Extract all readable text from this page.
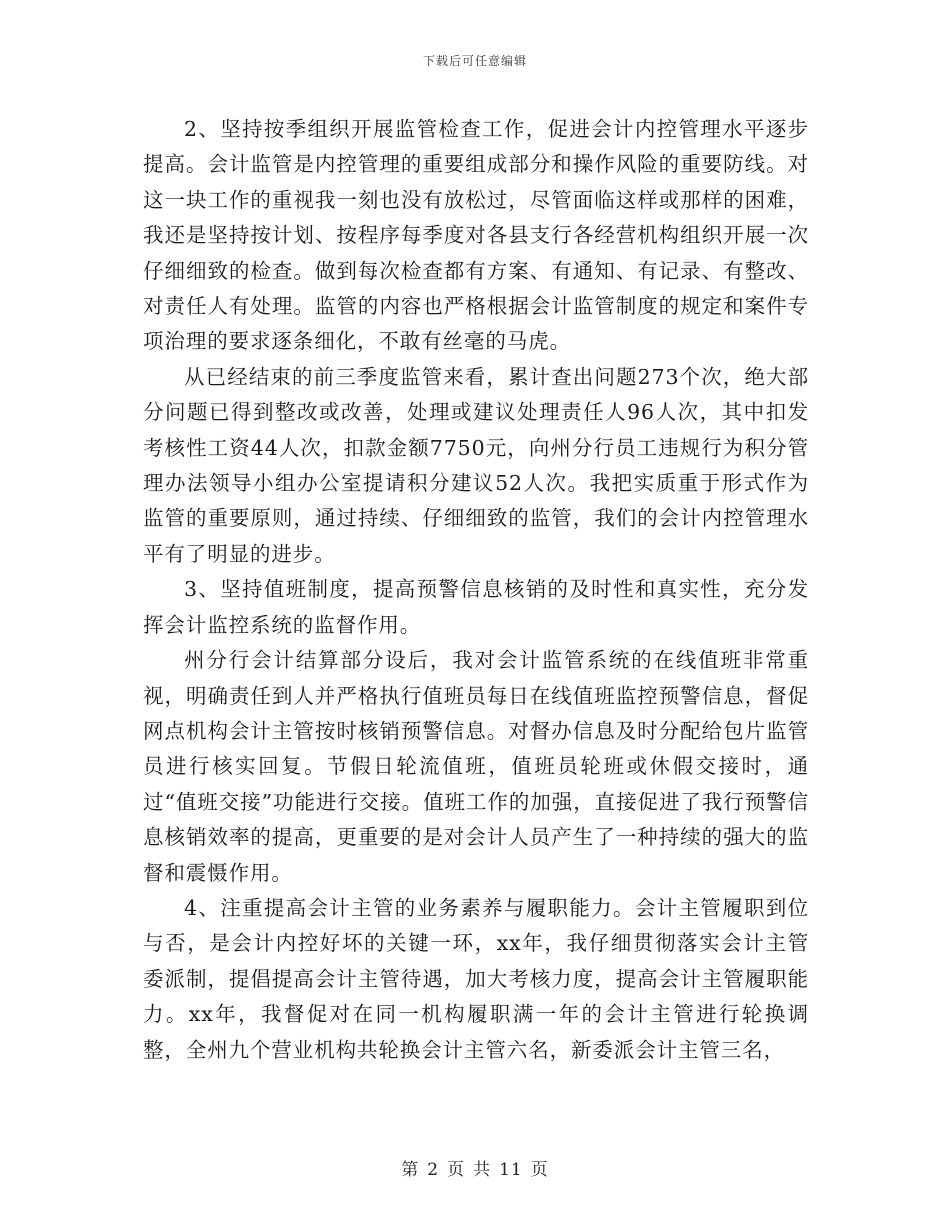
下载后可任意编辑

2、坚持按季组织开展监管检查工作，促进会计内控管理水平逐步提高。会计监管是内控管理的重要组成部分和操作风险的重要防线。对这一块工作的重视我一刻也没有放松过，尽管面临这样或那样的困难，我还是坚持按计划、按程序每季度对各县支行各经营机构组织开展一次仔细细致的检查。做到每次检查都有方案、有通知、有记录、有整改、对责任人有处理。监管的内容也严格根据会计监管制度的规定和案件专项治理的要求逐条细化，不敢有丝毫的马虎。

从已经结束的前三季度监管来看，累计查出问题273个次，绝大部分问题已得到整改或改善，处理或建议处理责任人96人次，其中扣发考核性工资44人次，扣款金额7750元，向州分行员工违规行为积分管理办法领导小组办公室提请积分建议52人次。我把实质重于形式作为监管的重要原则，通过持续、仔细细致的监管，我们的会计内控管理水平有了明显的进步。

3、坚持值班制度，提高预警信息核销的及时性和真实性，充分发挥会计监控系统的监督作用。

州分行会计结算部分设后，我对会计监管系统的在线值班非常重视，明确责任到人并严格执行值班员每日在线值班监控预警信息，督促网点机构会计主管按时核销预警信息。对督办信息及时分配给包片监管员进行核实回复。节假日轮流值班，值班员轮班或休假交接时，通过“值班交接”功能进行交接。值班工作的加强，直接促进了我行预警信息核销效率的提高，更重要的是对会计人员产生了一种持续的强大的监督和震慑作用。

4、注重提高会计主管的业务素养与履职能力。会计主管履职到位与否，是会计内控好坏的关键一环，xx年，我仔细贯彻落实会计主管委派制，提倡提高会计主管待遇，加大考核力度，提高会计主管履职能力。xx年，我督促对在同一机构履职满一年的会计主管进行轮换调整，全州九个营业机构共轮换会计主管六名，新委派会计主管三名，

第 2 页 共 11 页
